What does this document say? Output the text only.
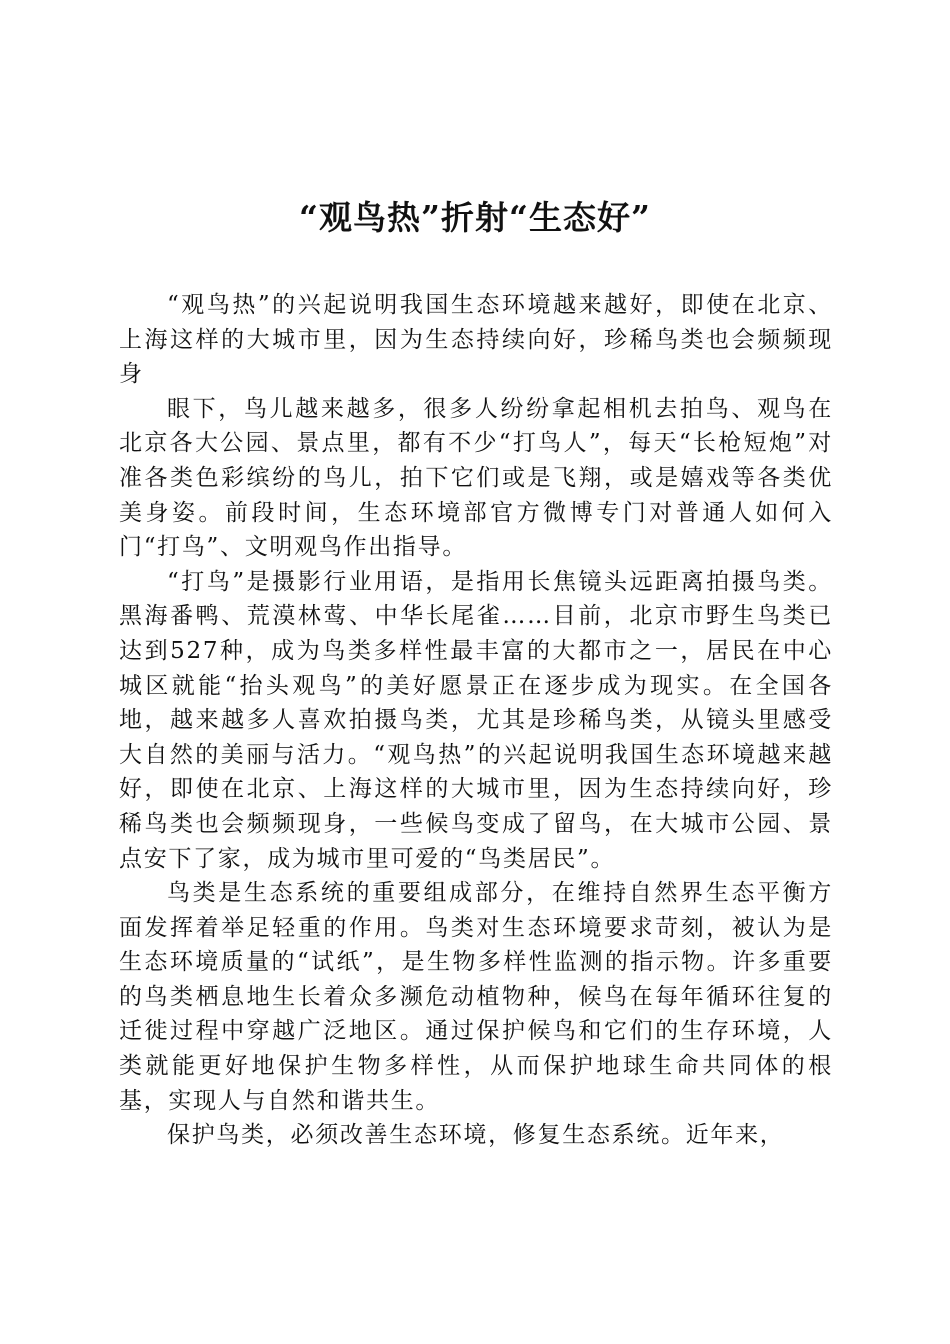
“观鸟热”折射“生态好”

“观鸟热”的兴起说明我国生态环境越来越好，即使在北京、上海这样的大城市里，因为生态持续向好，珍稀鸟类也会频频现身

眼下，鸟儿越来越多，很多人纷纷拿起相机去拍鸟、观鸟在北京各大公园、景点里，都有不少“打鸟人”，每天“长枪短炮”对准各类色彩缤纷的鸟儿，拍下它们或是飞翔，或是嬉戏等各类优美身姿。前段时间，生态环境部官方微博专门对普通人如何入门“打鸟”、文明观鸟作出指导。

“打鸟”是摄影行业用语，是指用长焦镜头远距离拍摄鸟类。黑海番鸭、荒漠林莺、中华长尾雀……目前，北京市野生鸟类已达到527种，成为鸟类多样性最丰富的大都市之一，居民在中心城区就能“抬头观鸟”的美好愿景正在逐步成为现实。在全国各地，越来越多人喜欢拍摄鸟类，尤其是珍稀鸟类，从镜头里感受大自然的美丽与活力。“观鸟热”的兴起说明我国生态环境越来越好，即使在北京、上海这样的大城市里，因为生态持续向好，珍稀鸟类也会频频现身，一些候鸟变成了留鸟，在大城市公园、景点安下了家，成为城市里可爱的“鸟类居民”。

鸟类是生态系统的重要组成部分，在维持自然界生态平衡方面发挥着举足轻重的作用。鸟类对生态环境要求苛刻，被认为是生态环境质量的“试纸”，是生物多样性监测的指示物。许多重要的鸟类栖息地生长着众多濒危动植物种，候鸟在每年循环往复的迁徙过程中穿越广泛地区。通过保护候鸟和它们的生存环境，人类就能更好地保护生物多样性，从而保护地球生命共同体的根基，实现人与自然和谐共生。

保护鸟类，必须改善生态环境，修复生态系统。近年来，
